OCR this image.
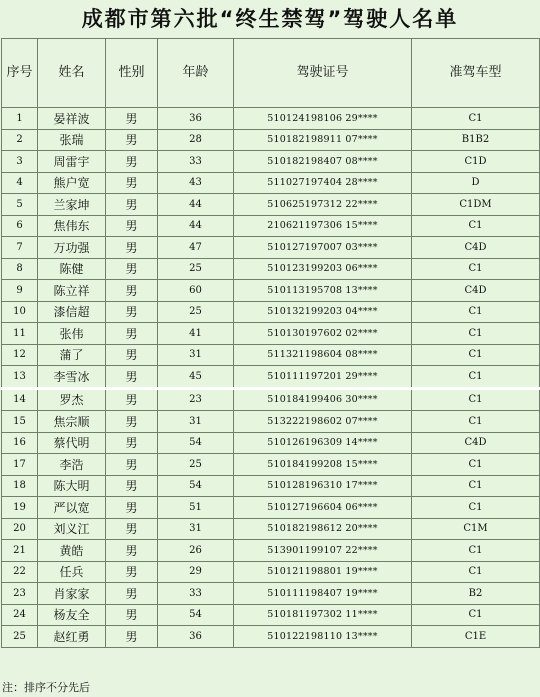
成都市第六批“终生禁驾”驾驶人名单
序号	姓名	性别	年龄	驾驶证号	准驾车型
1	晏祥波	男	36	510124198106 29****	C1
2	张瑞	男	28	510182198911 07****	B1B2
3	周雷宇	男	33	510182198407 08****	C1D
4	熊户宽	男	43	511027197404 28****	D
5	兰家坤	男	44	510625197312 22****	C1DM
6	焦伟东	男	44	210621197306 15****	C1
7	万功强	男	47	510127197007 03****	C4D
8	陈健	男	25	510123199203 06****	C1
9	陈立祥	男	60	510113195708 13****	C4D
10	漆信超	男	25	510132199203 04****	C1
11	张伟	男	41	510130197602 02****	C1
12	蒲了	男	31	511321198604 08****	C1
13	李雪冰	男	45	510111197201 29****	C1
14	罗杰	男	23	510184199406 30****	C1
15	焦宗顺	男	31	513222198602 07****	C1
16	蔡代明	男	54	510126196309 14****	C4D
17	李浩	男	25	510184199208 15****	C1
18	陈大明	男	54	510128196310 17****	C1
19	严以宽	男	51	510127196604 06****	C1
20	刘义江	男	31	510182198612 20****	C1M
21	黄皓	男	26	513901199107 22****	C1
22	任兵	男	29	510121198801 19****	C1
23	肖家家	男	33	510111198407 19****	B2
24	杨友全	男	54	510181197302 11****	C1
25	赵红勇	男	36	510122198110 13****	C1E
注：排序不分先后
